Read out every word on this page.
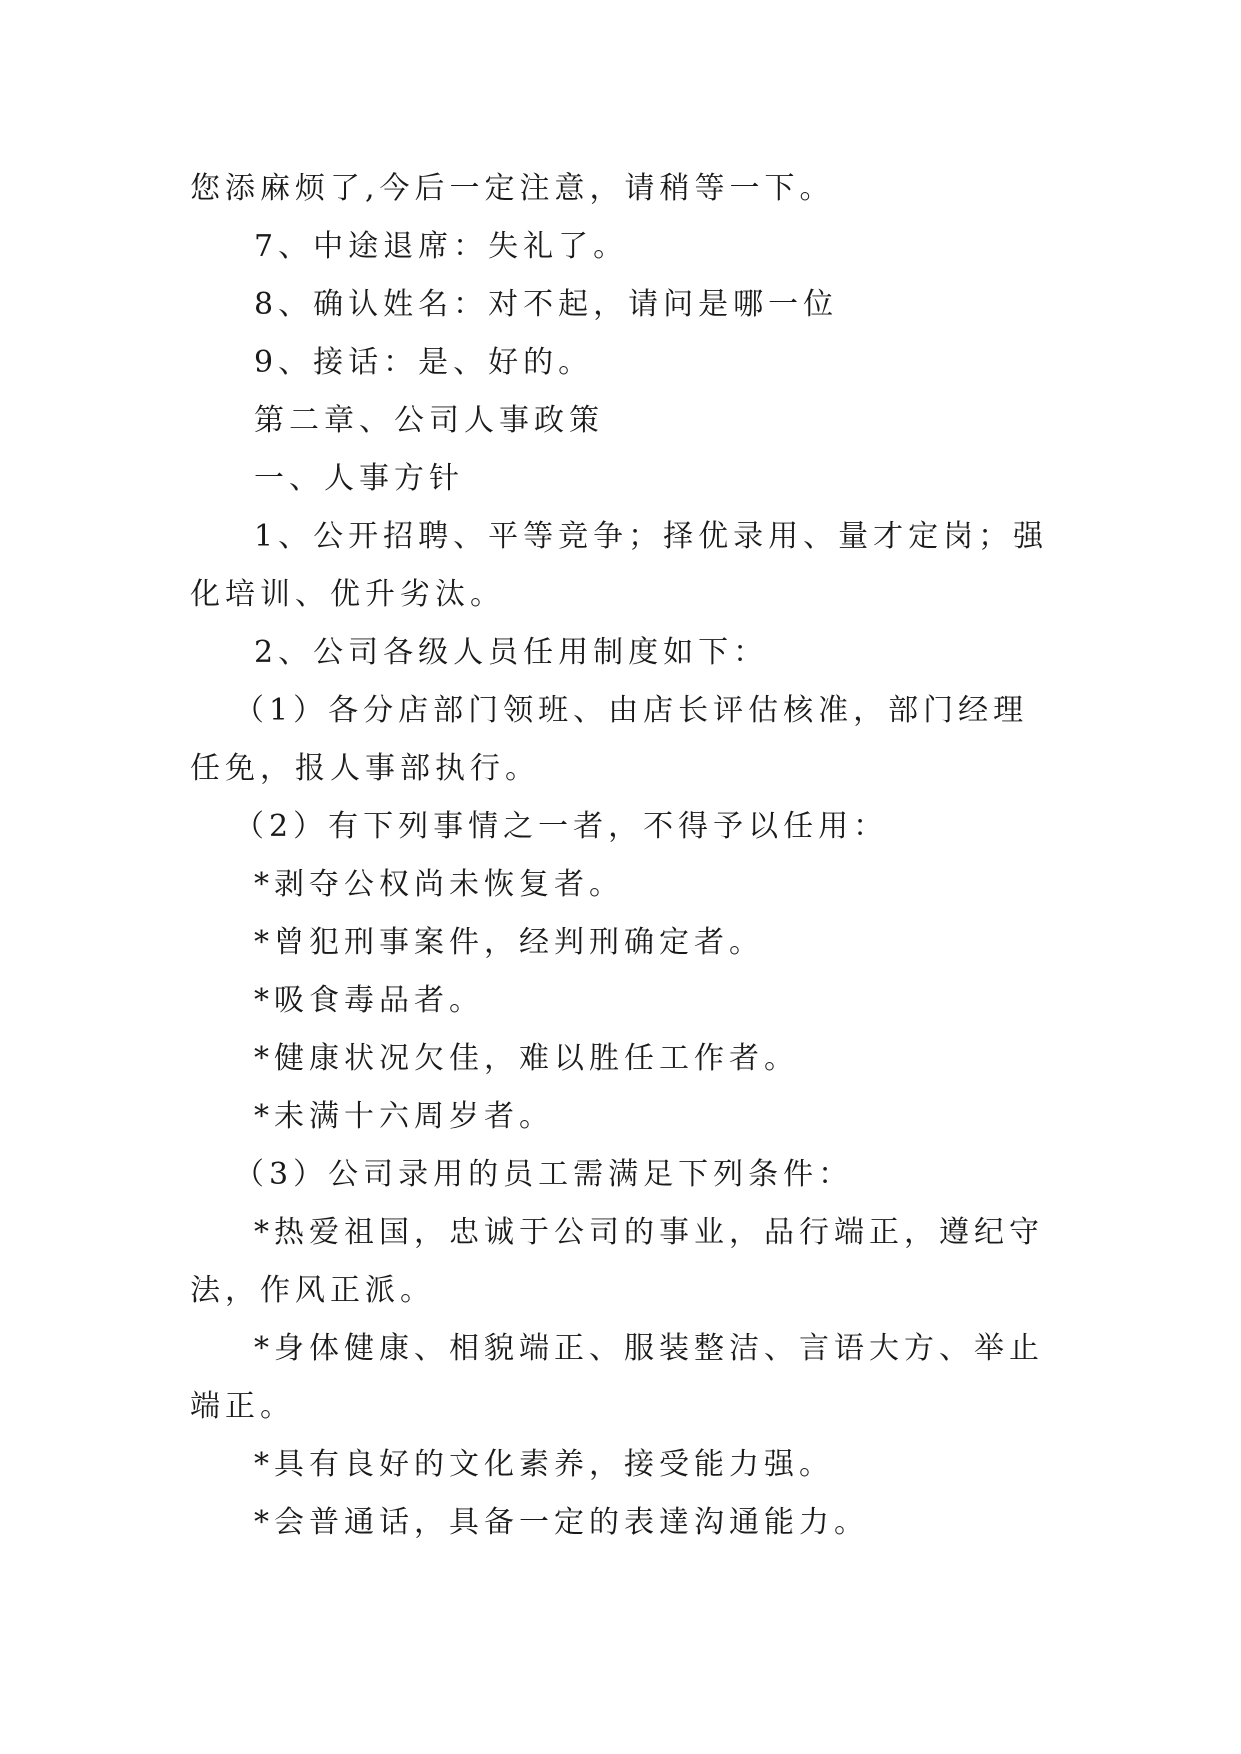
您添麻烦了,今后一定注意，请稍等一下。

7、中途退席：失礼了。

8、确认姓名：对不起，请问是哪一位

9、接话：是、好的。

第二章、公司人事政策

一、人事方针

1、公开招聘、平等竞争；择优录用、量才定岗；强化培训、优升劣汰。

2、公司各级人员任用制度如下：

（1）各分店部门领班、由店长评估核准，部门经理任免，报人事部执行。

（2）有下列事情之一者，不得予以任用：

*剥夺公权尚未恢复者。

*曾犯刑事案件，经判刑确定者。

*吸食毒品者。

*健康状况欠佳，难以胜任工作者。

*未满十六周岁者。

（3）公司录用的员工需满足下列条件：

*热爱祖国，忠诚于公司的事业，品行端正，遵纪守法，作风正派。

*身体健康、相貌端正、服装整洁、言语大方、举止端正。

*具有良好的文化素养，接受能力强。

*会普通话，具备一定的表達沟通能力。
